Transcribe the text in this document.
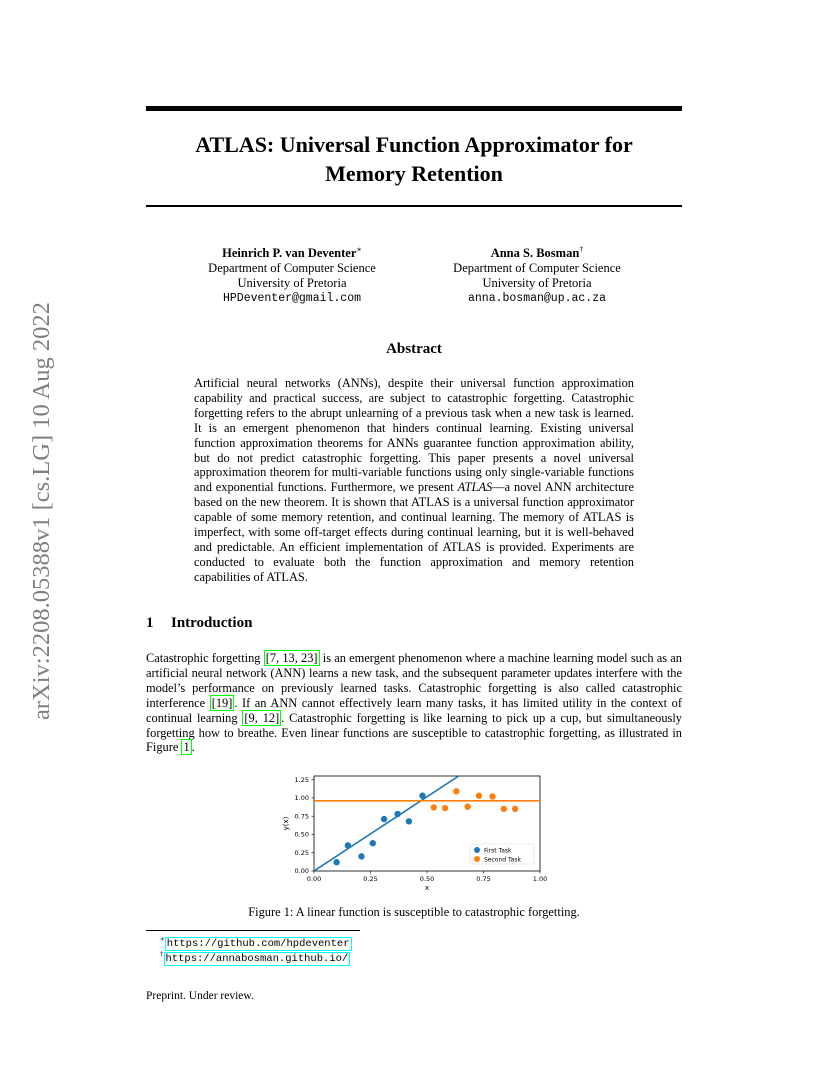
arXiv:2208.05388v1 [cs.LG] 10 Aug 2022
ATLAS: Universal Function Approximator for
Memory Retention
Heinrich P. van Deventer∗
Department of Computer Science
University of Pretoria
HPDeventer@gmail.com
Anna S. Bosman†
Department of Computer Science
University of Pretoria
anna.bosman@up.ac.za
Abstract
Artificial neural networks (ANNs), despite their universal function approximation capability and practical success, are subject to catastrophic forgetting. Catastrophic forgetting refers to the abrupt unlearning of a previous task when a new task is learned. It is an emergent phenomenon that hinders continual learning. Existing universal function approximation theorems for ANNs guarantee function approximation ability, but do not predict catastrophic forgetting. This paper presents a novel universal approximation theorem for multi-variable functions using only single-variable functions and exponential functions. Furthermore, we present ATLAS—a novel ANN architecture based on the new theorem. It is shown that ATLAS is a universal function approximator capable of some memory retention, and continual learning. The memory of ATLAS is imperfect, with some off-target effects during continual learning, but it is well-behaved and predictable. An efficient implementation of ATLAS is provided. Experiments are conducted to evaluate both the function approximation and memory retention capabilities of ATLAS.
1 Introduction
Catastrophic forgetting [7, 13, 23] is an emergent phenomenon where a machine learning model such as an artificial neural network (ANN) learns a new task, and the subsequent parameter updates interfere with the model’s performance on previously learned tasks. Catastrophic forgetting is also called catastrophic interference [19] . If an ANN cannot effectively learn many tasks, it has limited utility in the context of continual learning [9, 12] . Catastrophic forgetting is like learning to pick up a cup, but simultaneously forgetting how to breathe. Even linear functions are susceptible to catastrophic forgetting, as illustrated in Figure 1 .
0.00	0.25	0.50	0.75	1.00
0.00
0.25
0.50
0.75
1.00
1.25
x
y(x)
First Task
Second Task
Figure 1: A linear function is susceptible to catastrophic forgetting.
∗ https://github.com/hpdeventer
† https://annabosman.github.io/
Preprint. Under review.
